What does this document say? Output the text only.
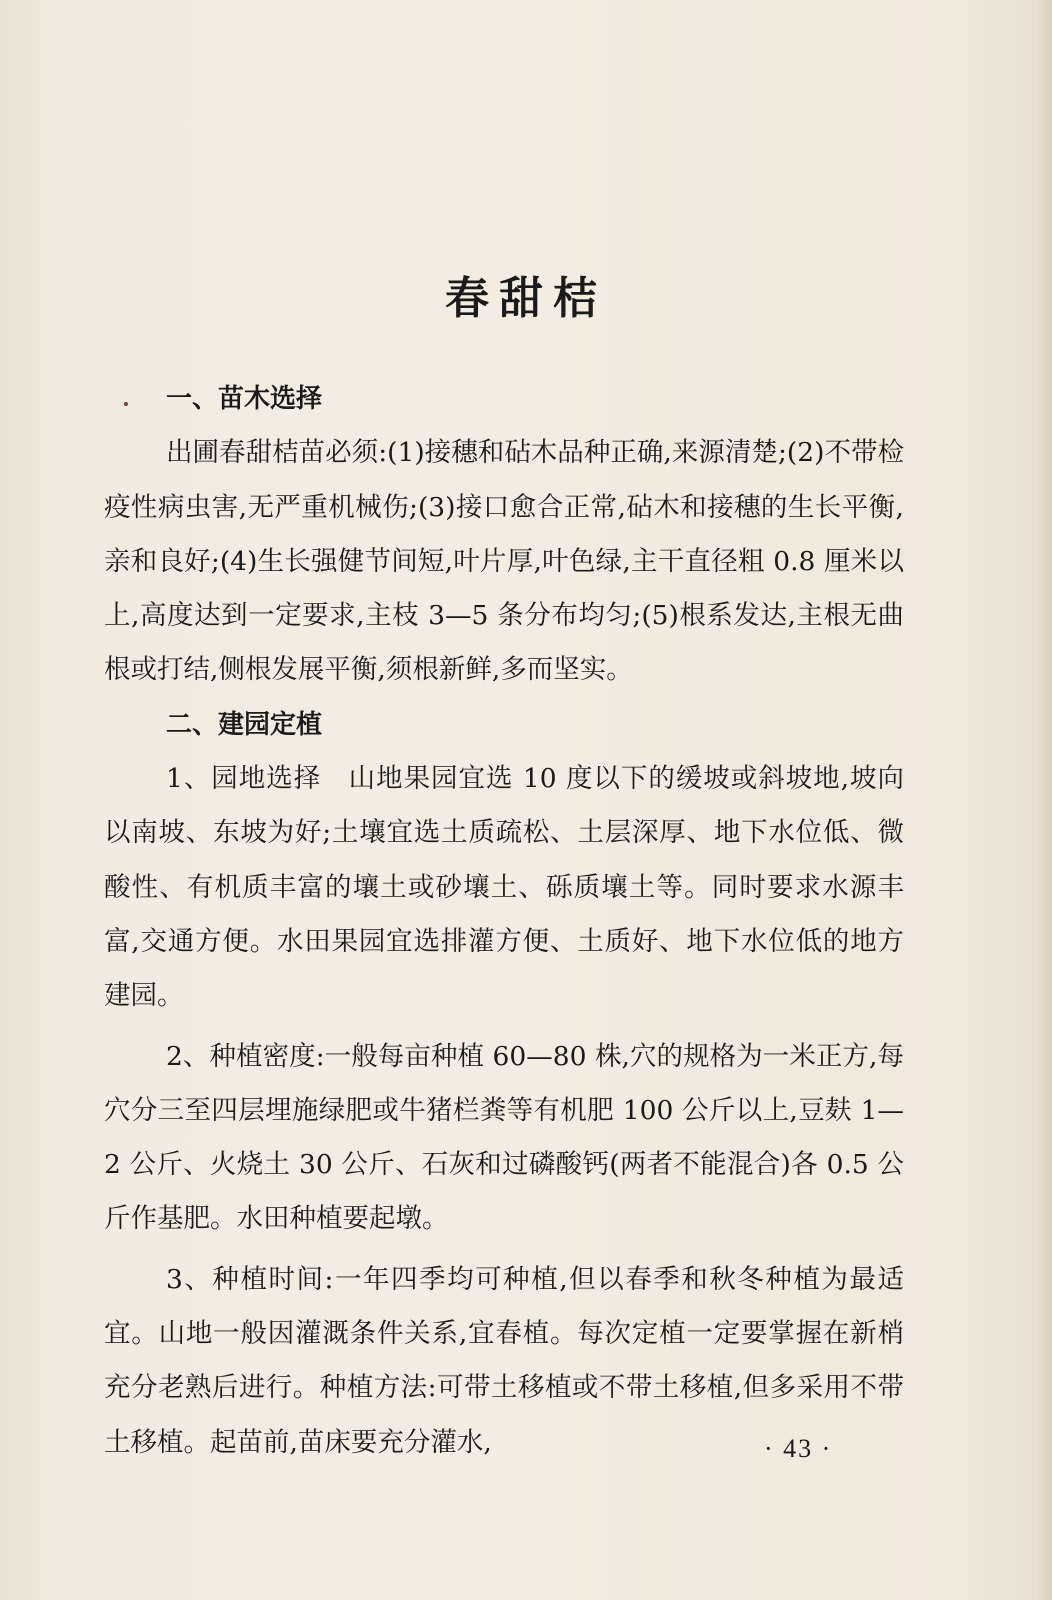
春甜桔
一、苗木选择

出圃春甜桔苗必须:(1)接穗和砧木品种正确,来源清楚;(2)不带检疫性病虫害,无严重机械伤;(3)接口愈合正常,砧木和接穗的生长平衡,亲和良好;(4)生长强健节间短,叶片厚,叶色绿,主干直径粗 0.8 厘米以上,高度达到一定要求,主枝 3—5 条分布均匀;(5)根系发达,主根无曲根或打结,侧根发展平衡,须根新鲜,多而坚实。

二、建园定植

1、园地选择　山地果园宜选 10 度以下的缓坡或斜坡地,坡向以南坡、东坡为好;土壤宜选土质疏松、土层深厚、地下水位低、微酸性、有机质丰富的壤土或砂壤土、砾质壤土等。同时要求水源丰富,交通方便。水田果园宜选排灌方便、土质好、地下水位低的地方建园。

2、种植密度:一般每亩种植 60—80 株,穴的规格为一米正方,每穴分三至四层埋施绿肥或牛猪栏粪等有机肥 100 公斤以上,豆麸 1—2 公斤、火烧土 30 公斤、石灰和过磷酸钙(两者不能混合)各 0.5 公斤作基肥。水田种植要起墩。

3、种植时间:一年四季均可种植,但以春季和秋冬种植为最适宜。山地一般因灌溉条件关系,宜春植。每次定植一定要掌握在新梢充分老熟后进行。种植方法:可带土移植或不带土移植,但多采用不带土移植。起苗前,苗床要充分灌水,	· 43 ·
